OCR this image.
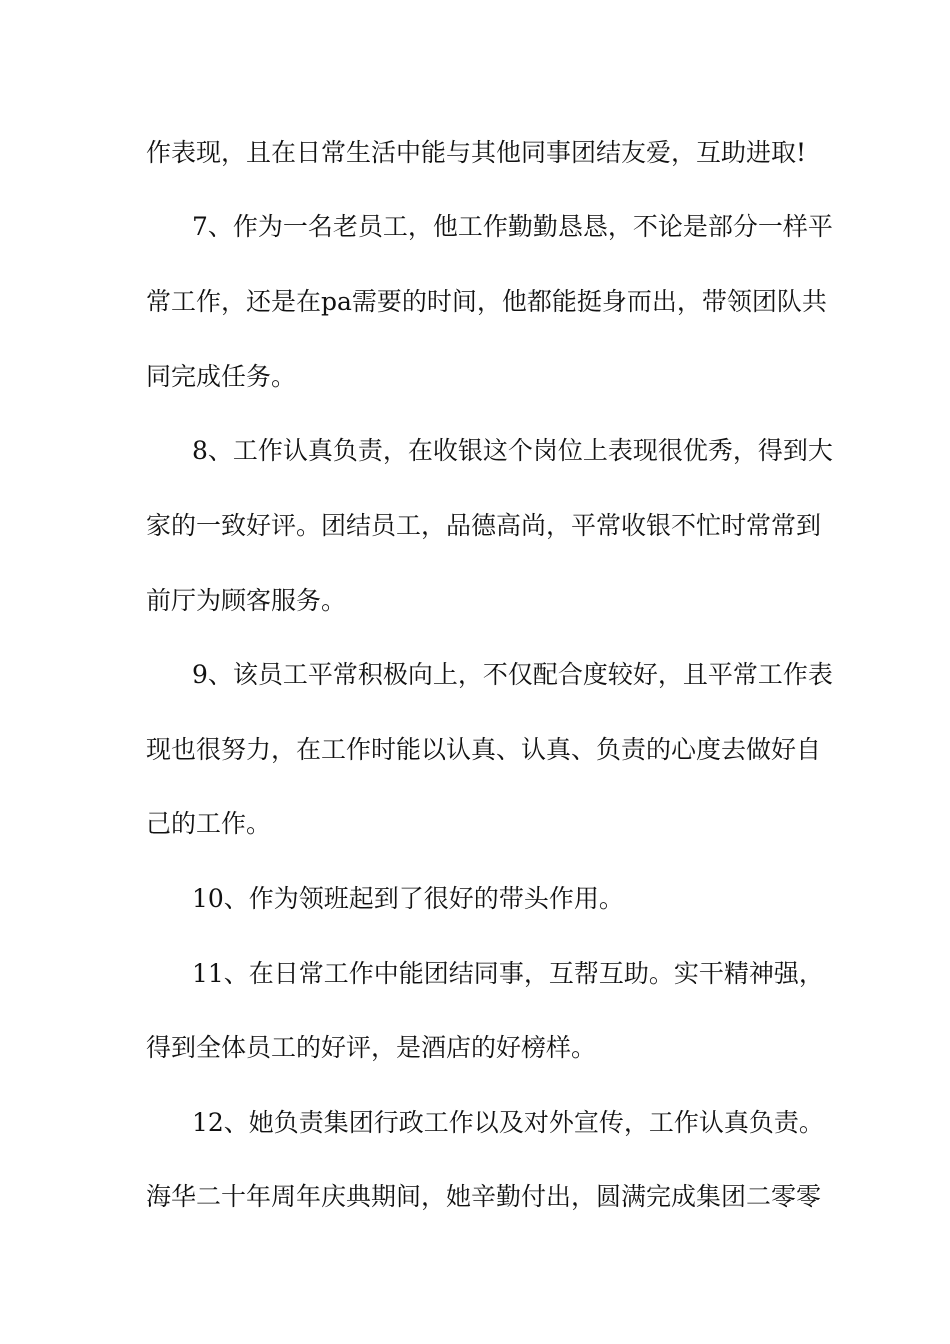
作表现，且在日常生活中能与其他同事团结友爱，互助进取!
7、作为一名老员工，他工作勤勤恳恳，不论是部分一样平
常工作，还是在pa需要的时间，他都能挺身而出，带领团队共
同完成任务。
8、工作认真负责，在收银这个岗位上表现很优秀，得到大
家的一致好评。团结员工，品德高尚，平常收银不忙时常常到
前厅为顾客服务。
9、该员工平常积极向上，不仅配合度较好，且平常工作表
现也很努力，在工作时能以认真、认真、负责的心度去做好自
己的工作。
10、作为领班起到了很好的带头作用。
11、在日常工作中能团结同事，互帮互助。实干精神强，
得到全体员工的好评，是酒店的好榜样。
12、她负责集团行政工作以及对外宣传，工作认真负责。
海华二十年周年庆典期间，她辛勤付出，圆满完成集团二零零
